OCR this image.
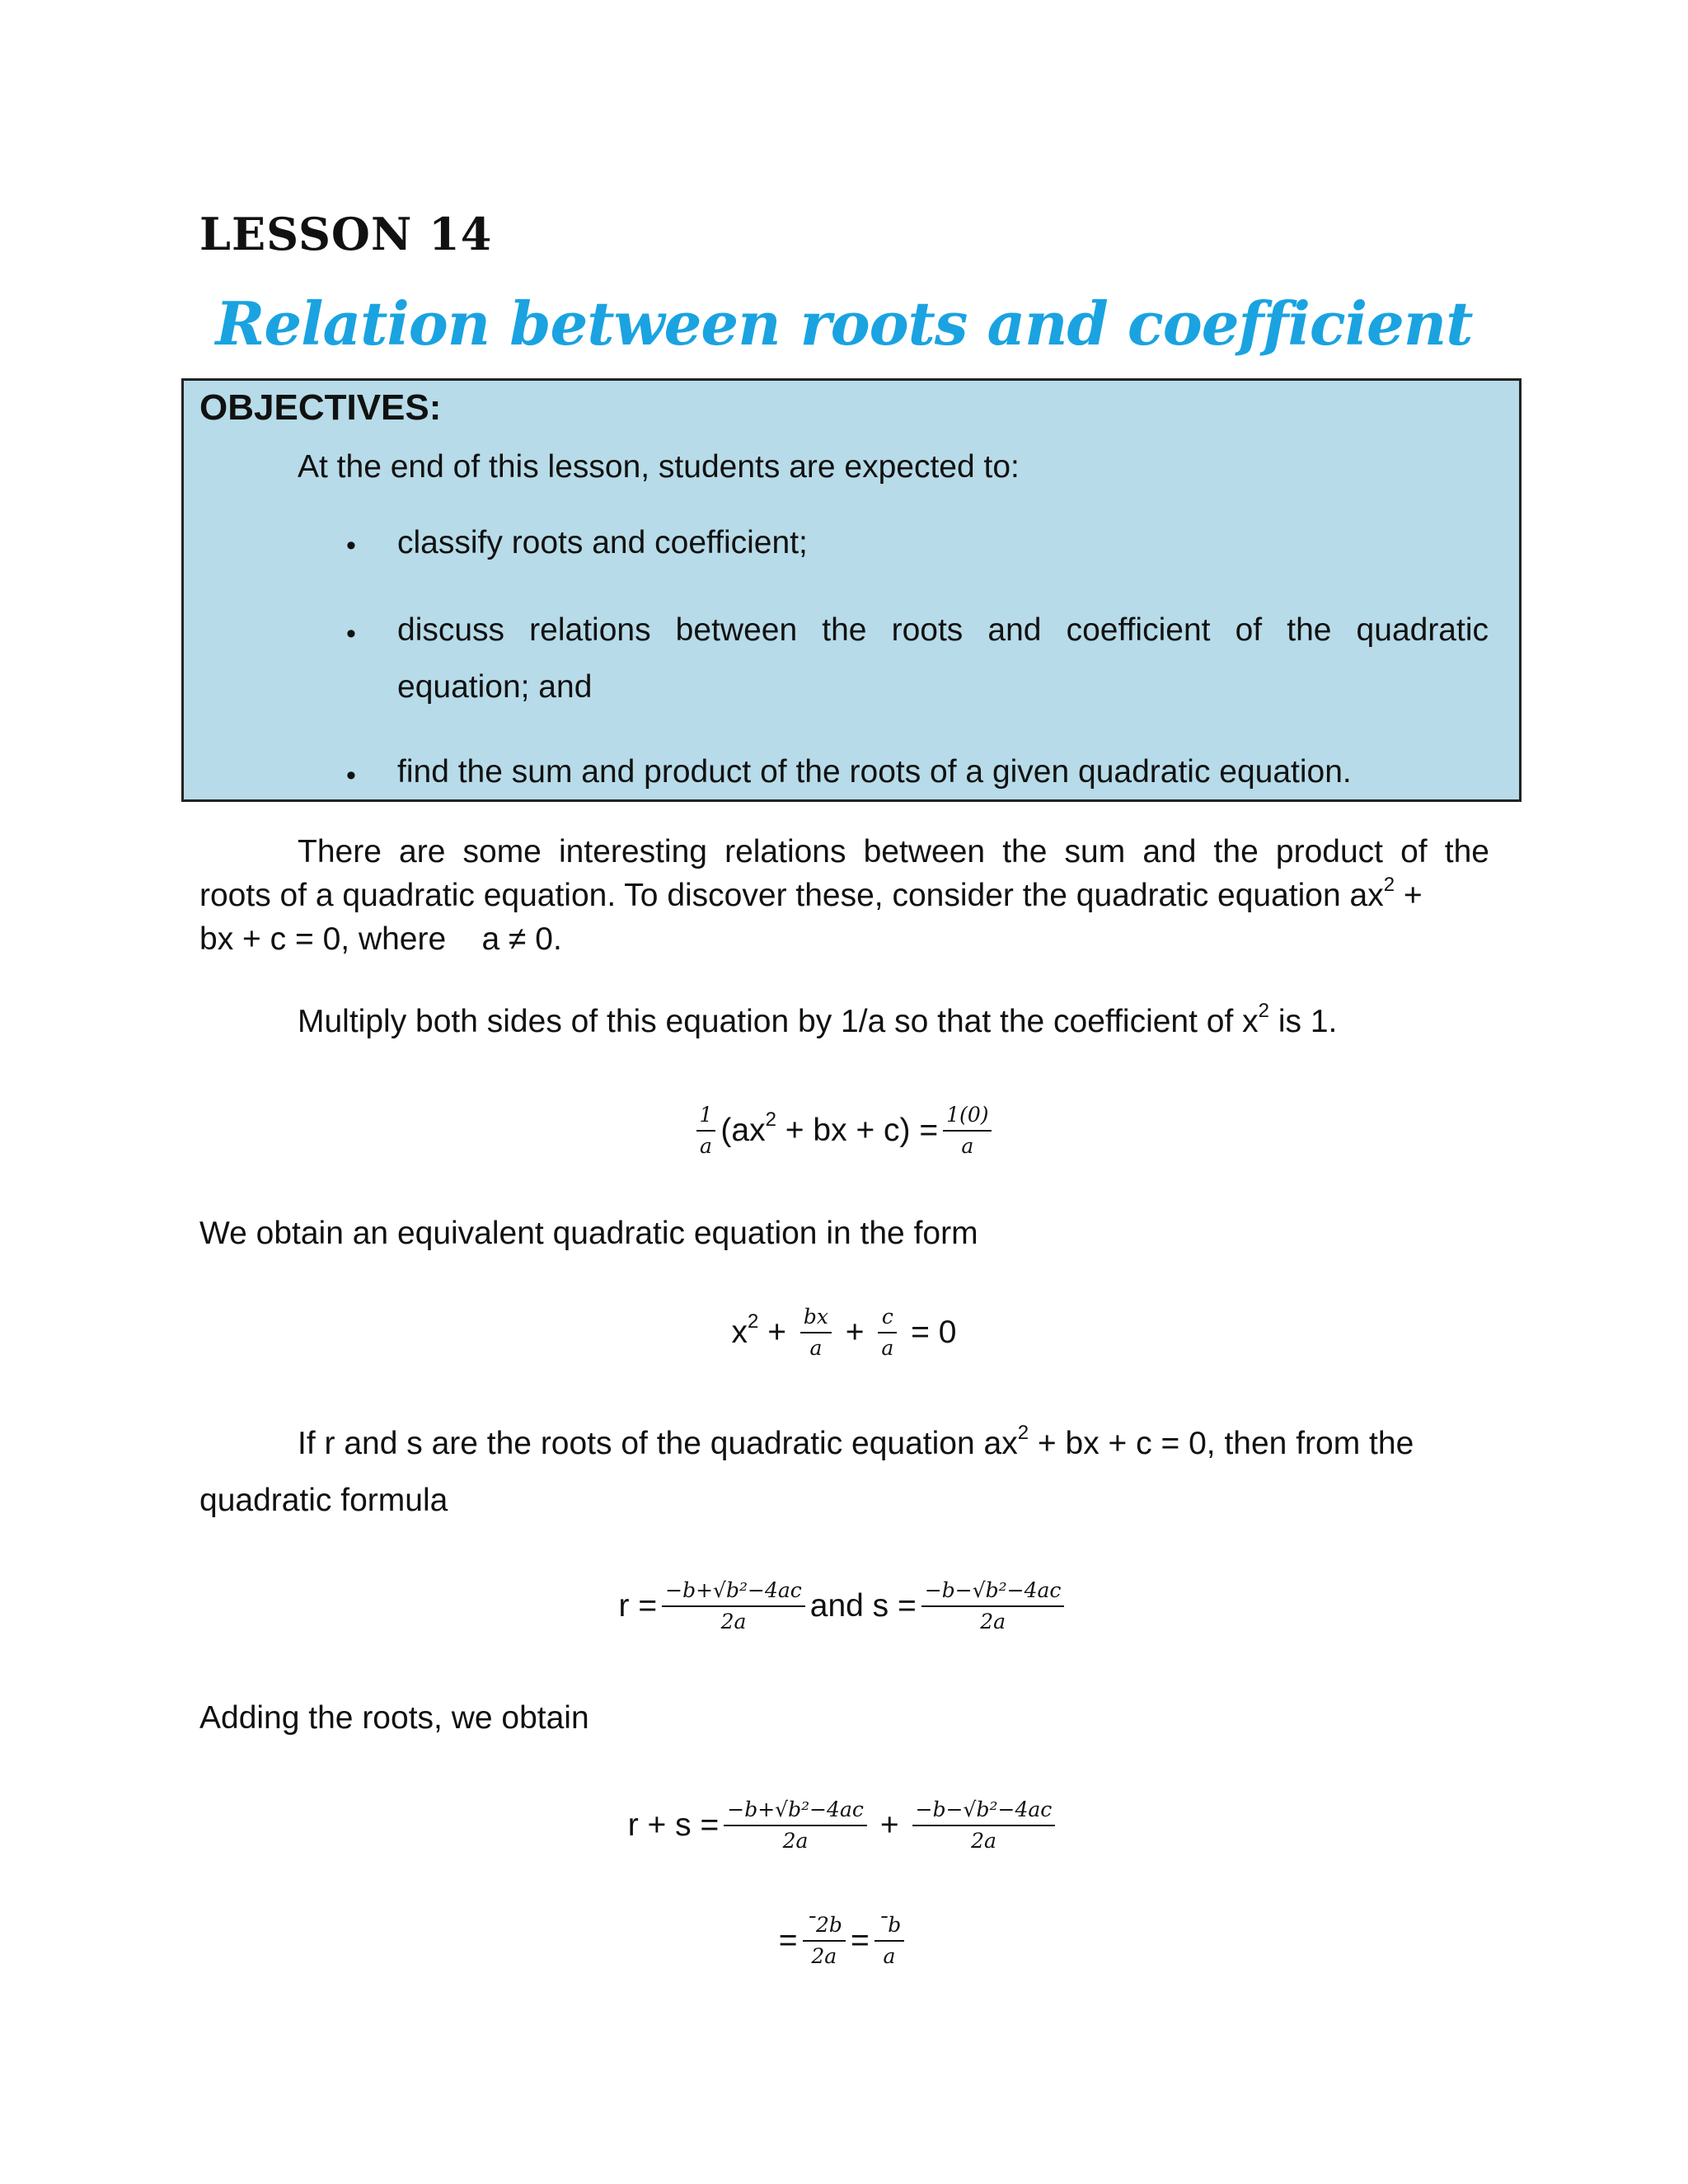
LESSON 14
Relation between roots and coefficient
OBJECTIVES:
At the end of this lesson, students are expected to:
• classify roots and coefficient;
• discuss relations between the roots and coefficient of the quadratic
equation; and
• find the sum and product of the roots of a given quadratic equation.
There are some interesting relations between the sum and the product of the
roots of a quadratic equation. To discover these, consider the quadratic equation $ax^2$ +
bx + c = 0, where    a ≠ 0.
Multiply both sides of this equation by 1/a so that the coefficient of $x^2$ is 1.
$\frac{1}{a} (ax^2$ + bx + $c) = \frac{1(0)}{a}$
We obtain an equivalent quadratic equation in the form
$x^2 + \frac{bx}{a} + \frac{c}{a} = 0$
If r and s are the roots of the quadratic equation $ax^2$ + bx + c = 0, then from the
quadratic formula
$r = \frac{\text{−b+√b²−4ac}}{2a}$ and $s = \frac{\text{−b−√b²−4ac}}{2a}$
Adding the roots, we obtain
$r + s = \frac{\text{−b+√b²−4ac}}{2a} + \frac{\text{−b−√b²−4ac}}{2a}$
= $\frac{¯2b}{2a} = \frac{¯b}{a}$
